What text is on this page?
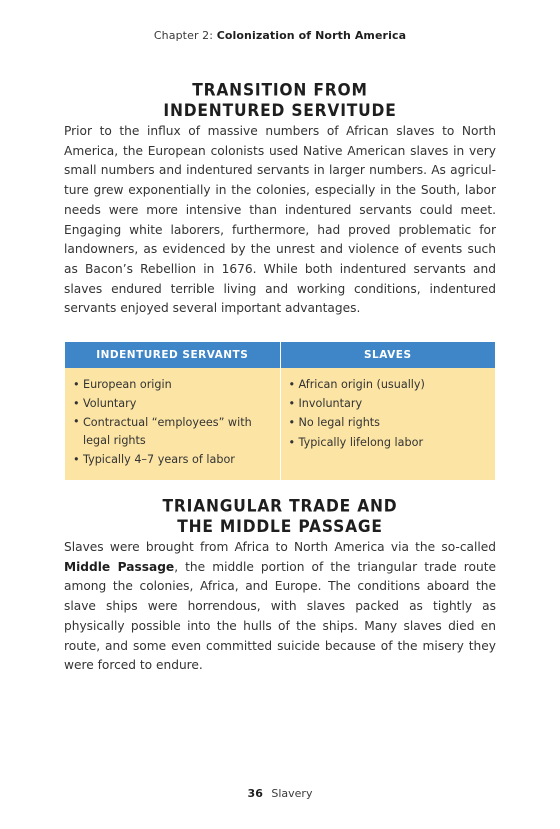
Chapter 2: Colonization of North America
TRANSITION FROM
INDENTURED SERVITUDE

Prior to the influx of massive numbers of African slaves to North America, the European colonists used Native American slaves in very small numbers and indentured servants in larger numbers. As agriculture grew exponentially in the colonies, especially in the South, labor needs were more intensive than indentured servants could meet. Engaging white laborers, furthermore, had proved problematic for landowners, as evidenced by the unrest and violence of events such as Bacon’s Rebellion in 1676. While both indentured servants and slaves endured terrible living and working conditions, indentured servants enjoyed several important advantages.

INDENTURED SERVANTS
• European origin
• Voluntary
• Contractual “employees” with legal rights
• Typically 4–7 years of labor
SLAVES
• African origin (usually)
• Involuntary
• No legal rights
• Typically lifelong labor
TRIANGULAR TRADE AND
THE MIDDLE PASSAGE

Slaves were brought from Africa to North America via the so-called Middle Passage, the middle portion of the triangular trade route among the colonies, Africa, and Europe. The conditions aboard the slave ships were horrendous, with slaves packed as tightly as physically possible into the hulls of the ships. Many slaves died en route, and some even committed suicide because of the misery they were forced to endure.

36 Slavery
